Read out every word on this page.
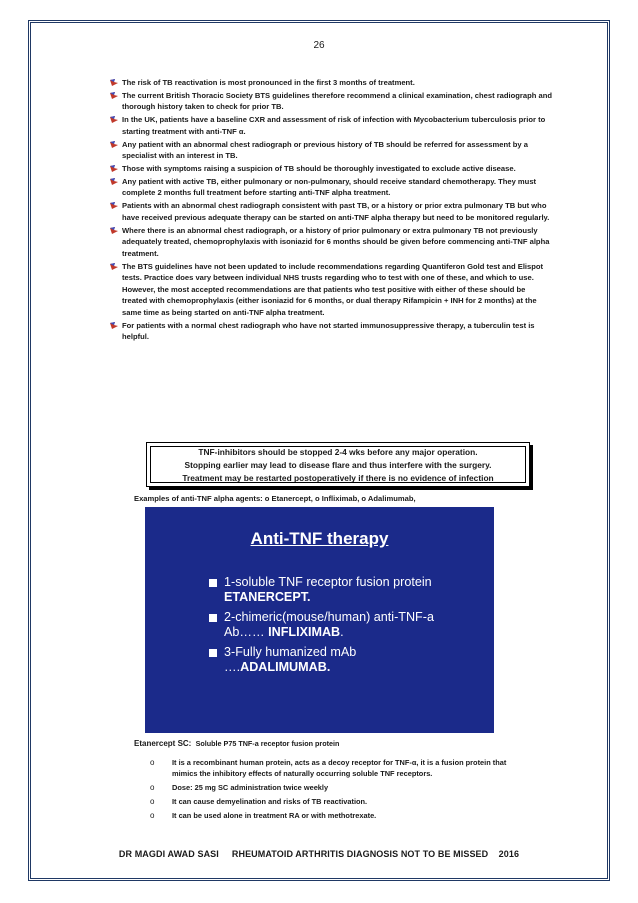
26
The risk of TB reactivation is most pronounced in the first 3 months of treatment.
The current British Thoracic Society BTS guidelines therefore recommend a clinical examination, chest radiograph and thorough history taken to check for prior TB.
In the UK, patients have a baseline CXR and assessment of risk of infection with Mycobacterium tuberculosis prior to starting treatment with anti-TNF α.
Any patient with an abnormal chest radiograph or previous history of TB should be referred for assessment by a specialist with an interest in TB.
Those with symptoms raising a suspicion of TB should be thoroughly investigated to exclude active disease.
Any patient with active TB, either pulmonary or non-pulmonary, should receive standard chemotherapy. They must complete 2 months full treatment before starting anti-TNF alpha treatment.
Patients with an abnormal chest radiograph consistent with past TB, or a history or prior extra pulmonary TB but who have received previous adequate therapy can be started on anti-TNF alpha therapy but need to be monitored regularly.
Where there is an abnormal chest radiograph, or a history of prior pulmonary or extra pulmonary TB not previously adequately treated, chemoprophylaxis with isoniazid for 6 months should be given before commencing anti-TNF alpha treatment.
The BTS guidelines have not been updated to include recommendations regarding Quantiferon Gold test and Elispot tests. Practice does vary between individual NHS trusts regarding who to test with one of these, and which to use. However, the most accepted recommendations are that patients who test positive with either of these should be treated with chemoprophylaxis (either isoniazid for 6 months, or dual therapy Rifampicin + INH for 2 months) at the same time as being started on anti-TNF alpha treatment.
For patients with a normal chest radiograph who have not started immunosuppressive therapy, a tuberculin test is helpful.
TNF-inhibitors should be stopped 2-4 wks before any major operation.
Stopping earlier may lead to disease flare and thus interfere with the surgery.
Treatment may be restarted postoperatively if there is no evidence of infection
Examples of anti-TNF alpha agents: o Etanercept, o Infliximab, o Adalimumab,
Anti-TNF therapy
1-soluble TNF receptor fusion protein
ETANERCEPT.
2-chimeric(mouse/human) anti-TNF-a
Ab…… INFLIXIMAB.
3-Fully humanized mAb
….ADALIMUMAB.
Etanercept SC: Soluble P75 TNF-a receptor fusion protein
o It is a recombinant human protein, acts as a decoy receptor for TNF-α, it is a fusion protein that mimics the inhibitory effects of naturally occurring soluble TNF receptors.
o Dose: 25 mg SC administration twice weekly
o It can cause demyelination and risks of TB reactivation.
o It can be used alone in treatment RA or with methotrexate.
DR MAGDI AWAD SASI     RHEUMATOID ARTHRITIS DIAGNOSIS NOT TO BE MISSED    2016
